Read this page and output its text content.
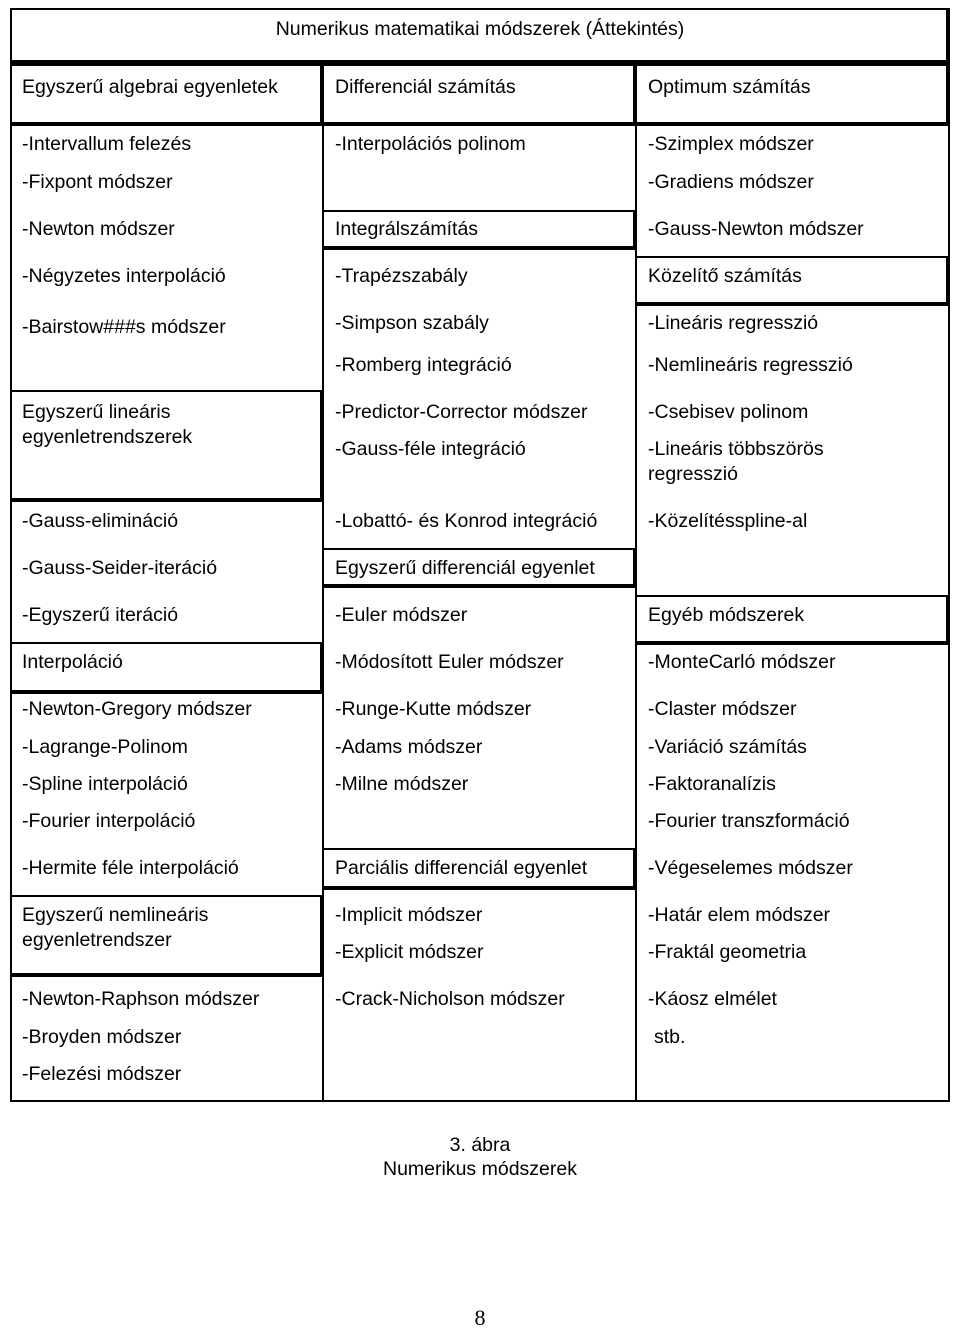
Numerikus matematikai módszerek (Áttekintés)
Egyszerű algebrai egyenletek
-Intervallum felezés
-Fixpont módszer
-Newton módszer
-Négyzetes interpoláció
-Bairstow###s módszer
Egyszerű lineáris egyenletrendszerek
-Gauss-elimináció
-Gauss-Seider-iteráció
-Egyszerű iteráció
Interpoláció
-Newton-Gregory módszer
-Lagrange-Polinom
-Spline interpoláció
-Fourier interpoláció
-Hermite féle interpoláció
Egyszerű nemlineáris egyenletrendszer
-Newton-Raphson módszer
-Broyden módszer
-Felezési módszer
Differenciál számítás
-Interpolációs polinom
Integrálszámítás
-Trapézszabály
-Simpson szabály
-Romberg integráció
-Predictor-Corrector módszer
-Gauss-féle integráció
-Lobattó- és Konrod integráció
Egyszerű differenciál egyenlet
-Euler módszer
-Módosított Euler módszer
-Runge-Kutte módszer
-Adams módszer
-Milne módszer
Parciális differenciál egyenlet
-Implicit módszer
-Explicit módszer
-Crack-Nicholson módszer
Optimum számítás
-Szimplex módszer
-Gradiens módszer
-Gauss-Newton módszer
Közelítő számítás
-Lineáris regresszió
-Nemlineáris regresszió
-Csebisev polinom
-Lineáris többszörös regresszió
-Közelítésspline-al
Egyéb módszerek
-MonteCarló módszer
-Claster módszer
-Variáció számítás
-Faktoranalízis
-Fourier transzformáció
-Végeselemes módszer
-Határ elem módszer
-Fraktál geometria
-Káosz elmélet
stb.
3. ábra
Numerikus módszerek
8
